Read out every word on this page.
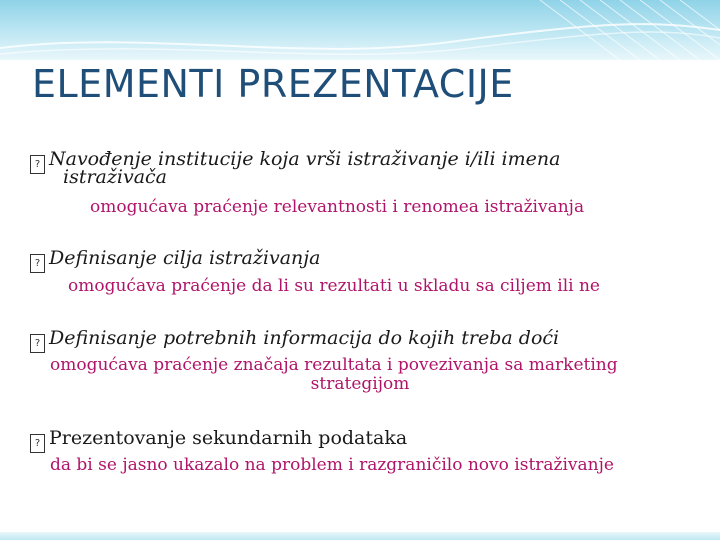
ELEMENTI PREZENTACIJE
? Navođenje institucije koja vrši istraživanje i/ili imena
istraživača
omogućava praćenje relevantnosti i renomea istraživanja
? Definisanje cilja istraživanja
omogućava praćenje da li su rezultati u skladu sa ciljem ili ne
? Definisanje potrebnih informacija do kojih treba doći
omogućava praćenje značaja rezultata i povezivanja sa marketing
strategijom
? Prezentovanje sekundarnih podataka
da bi se jasno ukazalo na problem i razgraničilo novo istraživanje
